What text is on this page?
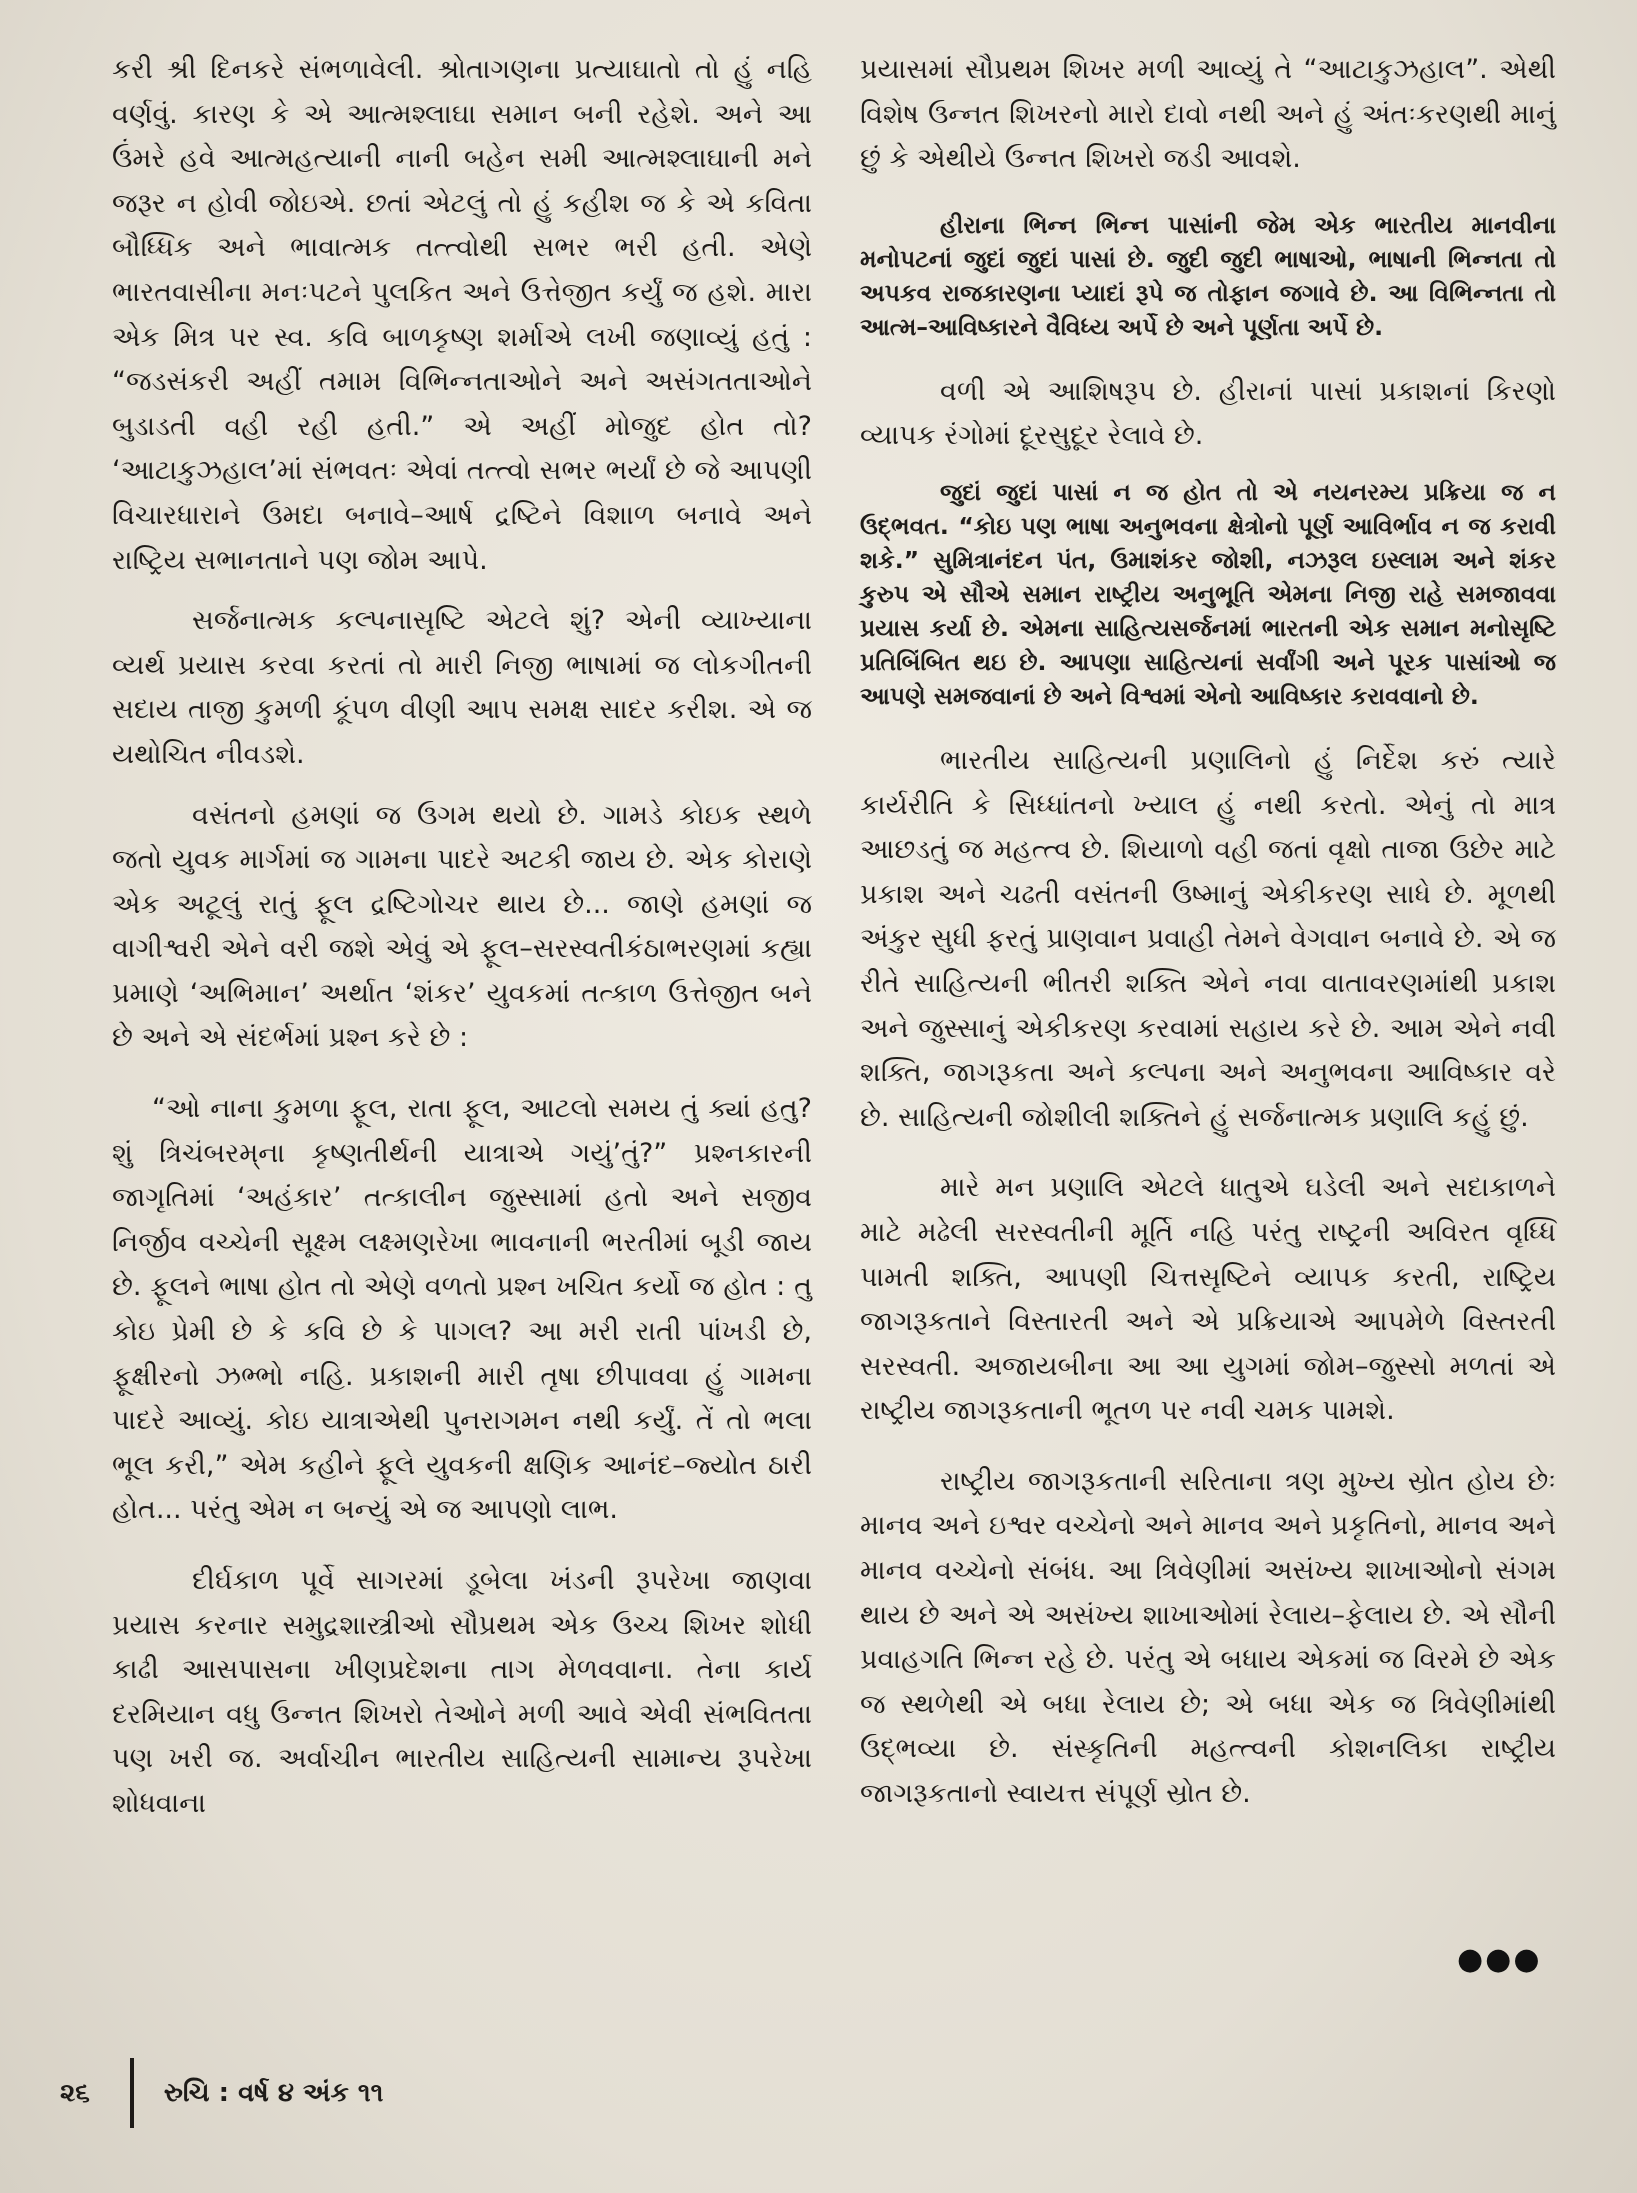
કરી શ્રી દિનકરે સંભળાવેલી. શ્રોતાગણના પ્રત્યાઘાતો તો હું નહિ વર્ણવું. કારણ કે એ આત્મશ્લાઘા સમાન બની રહેશે. અને આ ઉંમરે હવે આત્મહત્યાની નાની બહેન સમી આત્મશ્લાઘાની મને જરૂર ન હોવી જોઇએ. છતાં એટલું તો હું કહીશ જ કે એ કવિતા બૌધ્ધિક અને ભાવાત્મક તત્ત્વોથી સભર ભરી હતી. એણે ભારતવાસીના મનઃપટને પુલકિત અને ઉત્તેજીત કર્યું જ હશે. મારા એક મિત્ર પર સ્વ. કવિ બાળકૃષ્ણ શર્માએ લખી જણાવ્યું હતું : “જડસંકરી અહીં તમામ વિભિન્નતાઓને અને અસંગતતાઓને બુડાડતી વહી રહી હતી.” એ અહીં મોજુદ હોત તો? ‘આટાકુઝહાલ’માં સંભવતઃ એવાં તત્ત્વો સભર ભર્યાં છે જે આપણી વિચારધારાને ઉમદા બનાવે–આર્ષ દ્રષ્ટિને વિશાળ બનાવે અને રાષ્ટ્રિય સભાનતાને પણ જોમ આપે.

સર્જનાત્મક કલ્પનાસૃષ્ટિ એટલે શું? એની વ્યાખ્યાના વ્યર્થ પ્રયાસ કરવા કરતાં તો મારી નિજી ભાષામાં જ લોકગીતની સદાય તાજી કુમળી કૂંપળ વીણી આપ સમક્ષ સાદર કરીશ. એ જ યથોચિત નીવડશે.

વસંતનો હમણાં જ ઉગમ થયો છે. ગામડે કોઇક સ્થળે જતો યુવક માર્ગમાં જ ગામના પાદરે અટકી જાય છે. એક કોરાણે એક અટૂલું રાતું ફૂલ દ્રષ્ટિગોચર થાય છે... જાણે હમણાં જ વાગીશ્વરી એને વરી જશે એવું એ ફૂલ–સરસ્વતીકંઠાભરણમાં કહ્યા પ્રમાણે ‘અભિમાન’ અર્થાત ‘શંકર’ યુવકમાં તત્કાળ ઉત્તેજીત બને છે અને એ સંદર્ભમાં પ્રશ્ન કરે છે :

“ઓ નાના કુમળા ફૂલ, રાતા ફૂલ, આટલો સમય તું ક્યાં હતુ? શું ત્રિચંબરમ્‌ના કૃષ્ણતીર્થની યાત્રાએ ગયું’તું?” પ્રશ્નકારની જાગૃતિમાં ‘અહંકાર’ તત્કાલીન જુસ્સામાં હતો અને સજીવ નિર્જીવ વચ્ચેની સૂક્ષ્મ લક્ષ્મણરેખા ભાવનાની ભરતીમાં બૂડી જાય છે. ફૂલને ભાષા હોત તો એણે વળતો પ્રશ્ન ખચિત કર્યો જ હોત : તુ કોઇ પ્રેમી છે કે કવિ છે કે પાગલ? આ મરી રાતી પાંખડી છે, ફૂક્ષીરનો ઝભ્ભો નહિ. પ્રકાશની મારી તૃષા છીપાવવા હું ગામના પાદરે આવ્યું. કોઇ યાત્રાએથી પુનરાગમન નથી કર્યું. તેં તો ભલા ભૂલ કરી,” એમ કહીને ફૂલે યુવકની ક્ષણિક આનંદ–જ્યોત ઠારી હોત... પરંતુ એમ ન બન્યું એ જ આપણો લાભ.

દીર્ઘકાળ પૂર્વે સાગરમાં ડૂબેલા ખંડની રૂપરેખા જાણવા પ્રયાસ કરનાર સમુદ્રશાસ્ત્રીઓ સૌપ્રથમ એક ઉચ્ચ શિખર શોધી કાઢી આસપાસના ખીણપ્રદેશના તાગ મેળવવાના. તેના કાર્ય દરમિયાન વધુ ઉન્નત શિખરો તેઓને મળી આવે એવી સંભવિતતા પણ ખરી જ. અર્વાચીન ભારતીય સાહિત્યની સામાન્ય રૂપરેખા શોધવાના

પ્રયાસમાં સૌપ્રથમ શિખર મળી આવ્યું તે “આટાકુઝહાલ”. એથી વિશેષ ઉન્નત શિખરનો મારો દાવો નથી અને હું અંતઃકરણથી માનું છું કે એથીયે ઉન્નત શિખરો જડી આવશે.

હીરાના ભિન્ન ભિન્ન પાસાંની જેમ એક ભારતીય માનવીના મનોપટનાં જુદાં જુદાં પાસાં છે. જુદી જુદી ભાષાઓ, ભાષાની ભિન્નતા તો અપકવ રાજકારણના પ્યાદાં રૂપે જ તોફાન જગાવે છે. આ વિભિન્નતા તો આત્મ–આવિષ્કારને વૈવિધ્ય અર્પે છે અને પૂર્ણતા અર્પે છે.

વળી એ આશિષરૂપ છે. હીરાનાં પાસાં પ્રકાશનાં કિરણો વ્યાપક રંગોમાં દૂરસુદૂર રેલાવે છે.

જુદાં જુદાં પાસાં ન જ હોત તો એ નયનરમ્ય પ્રક્રિયા જ ન ઉદ્‌ભવત. “કોઇ પણ ભાષા અનુભવના ક્ષેત્રોનો પૂર્ણ આવિર્ભાવ ન જ કરાવી શકે.” સુમિત્રાનંદન પંત, ઉમાશંકર જોશી, નઝરૂલ ઇસ્લામ અને શંકર કુરુપ એ સૌએ સમાન રાષ્ટ્રીય અનુભૂતિ એમના નિજી રાહે સમજાવવા પ્રયાસ કર્યા છે. એમના સાહિત્યસર્જનમાં ભારતની એક સમાન મનોસૃષ્ટિ પ્રતિબિંબિત થઇ છે. આપણા સાહિત્યનાં સર્વાંગી અને પૂરક પાસાંઓ જ આપણે સમજવાનાં છે અને વિશ્વમાં એનો આવિષ્કાર કરાવવાનો છે.

ભારતીય સાહિત્યની પ્રણાલિનો હું નિર્દેશ કરું ત્યારે કાર્યરીતિ કે સિધ્ધાંતનો ખ્યાલ હું નથી કરતો. એનું તો માત્ર આછડતું જ મહત્ત્વ છે. શિયાળો વહી જતાં વૃક્ષો તાજા ઉછેર માટે પ્રકાશ અને ચઢતી વસંતની ઉષ્માનું એકીકરણ સાધે છે. મૂળથી અંકુર સુધી ફરતું પ્રાણવાન પ્રવાહી તેમને વેગવાન બનાવે છે. એ જ રીતે સાહિત્યની ભીતરી શક્તિ એને નવા વાતાવરણમાંથી પ્રકાશ અને જુસ્સાનું એકીકરણ કરવામાં સહાય કરે છે. આમ એને નવી શક્તિ, જાગરૂકતા અને કલ્પના અને અનુભવના આવિષ્કાર વરે છે. સાહિત્યની જોશીલી શક્તિને હું સર્જનાત્મક પ્રણાલિ કહું છું.

મારે મન પ્રણાલિ એટલે ધાતુએ ઘડેલી અને સદાકાળને માટે મઢેલી સરસ્વતીની મૂર્તિ નહિ પરંતુ રાષ્ટ્રની અવિરત વૃધ્ધિ પામતી શક્તિ, આપણી ચિત્તસૃષ્ટિને વ્યાપક કરતી, રાષ્ટ્રિય જાગરૂકતાને વિસ્તારતી અને એ પ્રક્રિયાએ આપમેળે વિસ્તરતી સરસ્વતી. અજાયબીના આ આ યુગમાં જોમ–જુસ્સો મળતાં એ રાષ્ટ્રીય જાગરૂકતાની ભૂતળ પર નવી ચમક પામશે.

રાષ્ટ્રીય જાગરૂકતાની સરિતાના ત્રણ મુખ્ય સ્રોત હોય છેઃ માનવ અને ઇશ્વર વચ્ચેનો અને માનવ અને પ્રકૃતિનો, માનવ અને માનવ વચ્ચેનો સંબંધ. આ ત્રિવેણીમાં અસંખ્ય શાખાઓનો સંગમ થાય છે અને એ અસંખ્ય શાખાઓમાં રેલાય–ફેલાય છે. એ સૌની પ્રવાહગતિ ભિન્ન રહે છે. પરંતુ એ બધાય એકમાં જ વિરમે છે એક જ સ્થળેથી એ બધા રેલાય છે; એ બધા એક જ ત્રિવેણીમાંથી ઉદ્‌ભવ્યા છે. સંસ્કૃતિની મહત્ત્વની કોશનલિકા રાષ્ટ્રીય જાગરૂકતાનો સ્વાયત્ત સંપૂર્ણ સ્રોત છે.

●●●
૨૬	રુચિ : વર્ષ ૪ અંક ૧૧
